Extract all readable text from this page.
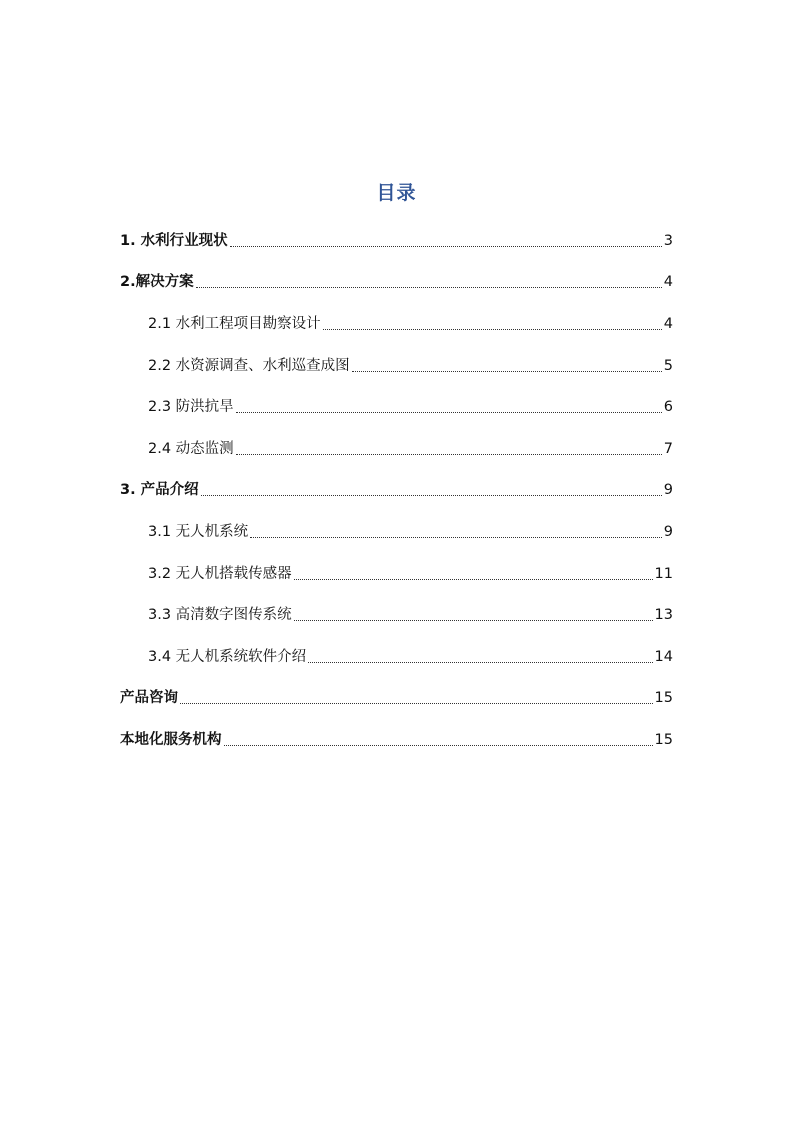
目录
1. 水利行业现状	3
2.解决方案	4
2.1 水利工程项目勘察设计	4
2.2 水资源调查、水利巡查成图	5
2.3 防洪抗旱	6
2.4 动态监测	7
3. 产品介绍	9
3.1 无人机系统	9
3.2 无人机搭载传感器	11
3.3 高清数字图传系统	13
3.4 无人机系统软件介绍	14
产品咨询	15
本地化服务机构	15
